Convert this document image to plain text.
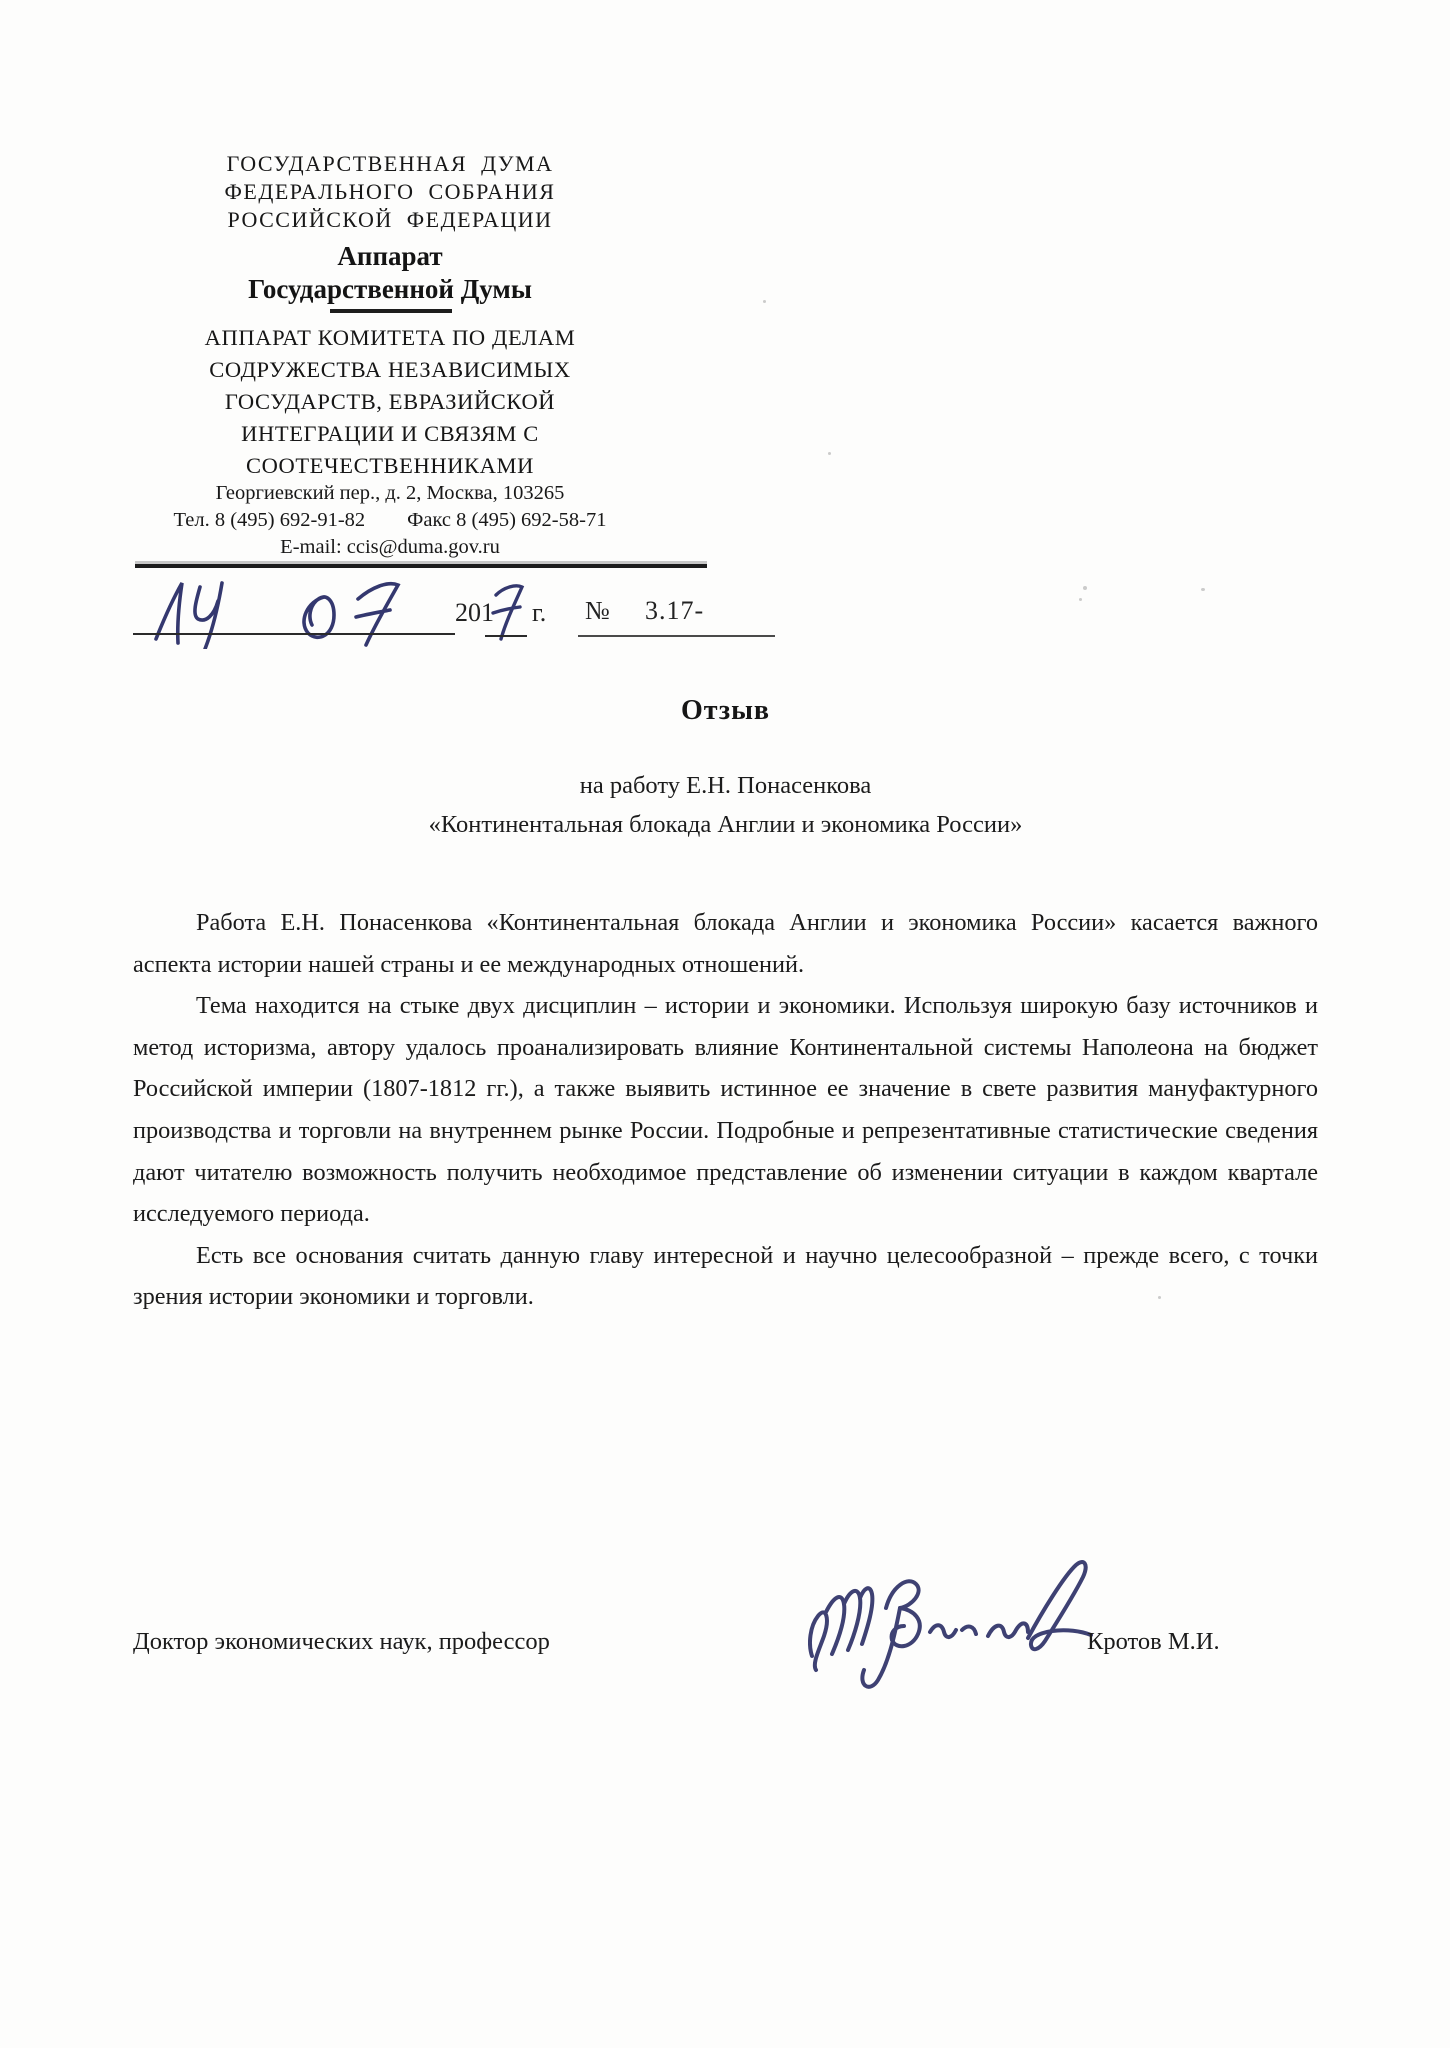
ГОСУДАРСТВЕННАЯ ДУМА
ФЕДЕРАЛЬНОГО СОБРАНИЯ
РОССИЙСКОЙ ФЕДЕРАЦИИ
Аппарат
Государственной Думы
АППАРАТ КОМИТЕТА ПО ДЕЛАМ
СОДРУЖЕСТВА НЕЗАВИСИМЫХ
ГОСУДАРСТВ, ЕВРАЗИЙСКОЙ
ИНТЕГРАЦИИ И СВЯЗЯМ С
СООТЕЧЕСТВЕННИКАМИ
Георгиевский пер., д. 2, Москва, 103265
Тел. 8 (495) 692-91-82 Факс 8 (495) 692-58-71
E-mail: ccis@duma.gov.ru
201 г. № 3.17-
Отзыв
на работу Е.Н. Понасенкова
«Континентальная блокада Англии и экономика России»

Работа Е.Н. Понасенкова «Континентальная блокада Англии и экономика России» касается важного аспекта истории нашей страны и ее международных отношений.

Тема находится на стыке двух дисциплин – истории и экономики. Используя широкую базу источников и метод историзма, автору удалось проанализировать влияние Континентальной системы Наполеона на бюджет Российской империи (1807-1812 гг.), а также выявить истинное ее значение в свете развития мануфактурного производства и торговли на внутреннем рынке России. Подробные и репрезентативные статистические сведения дают читателю возможность получить необходимое представление об изменении ситуации в каждом квартале исследуемого периода.

Есть все основания считать данную главу интересной и научно целесообразной – прежде всего, с точки зрения истории экономики и торговли.

Доктор экономических наук, профессор	Кротов М.И.
